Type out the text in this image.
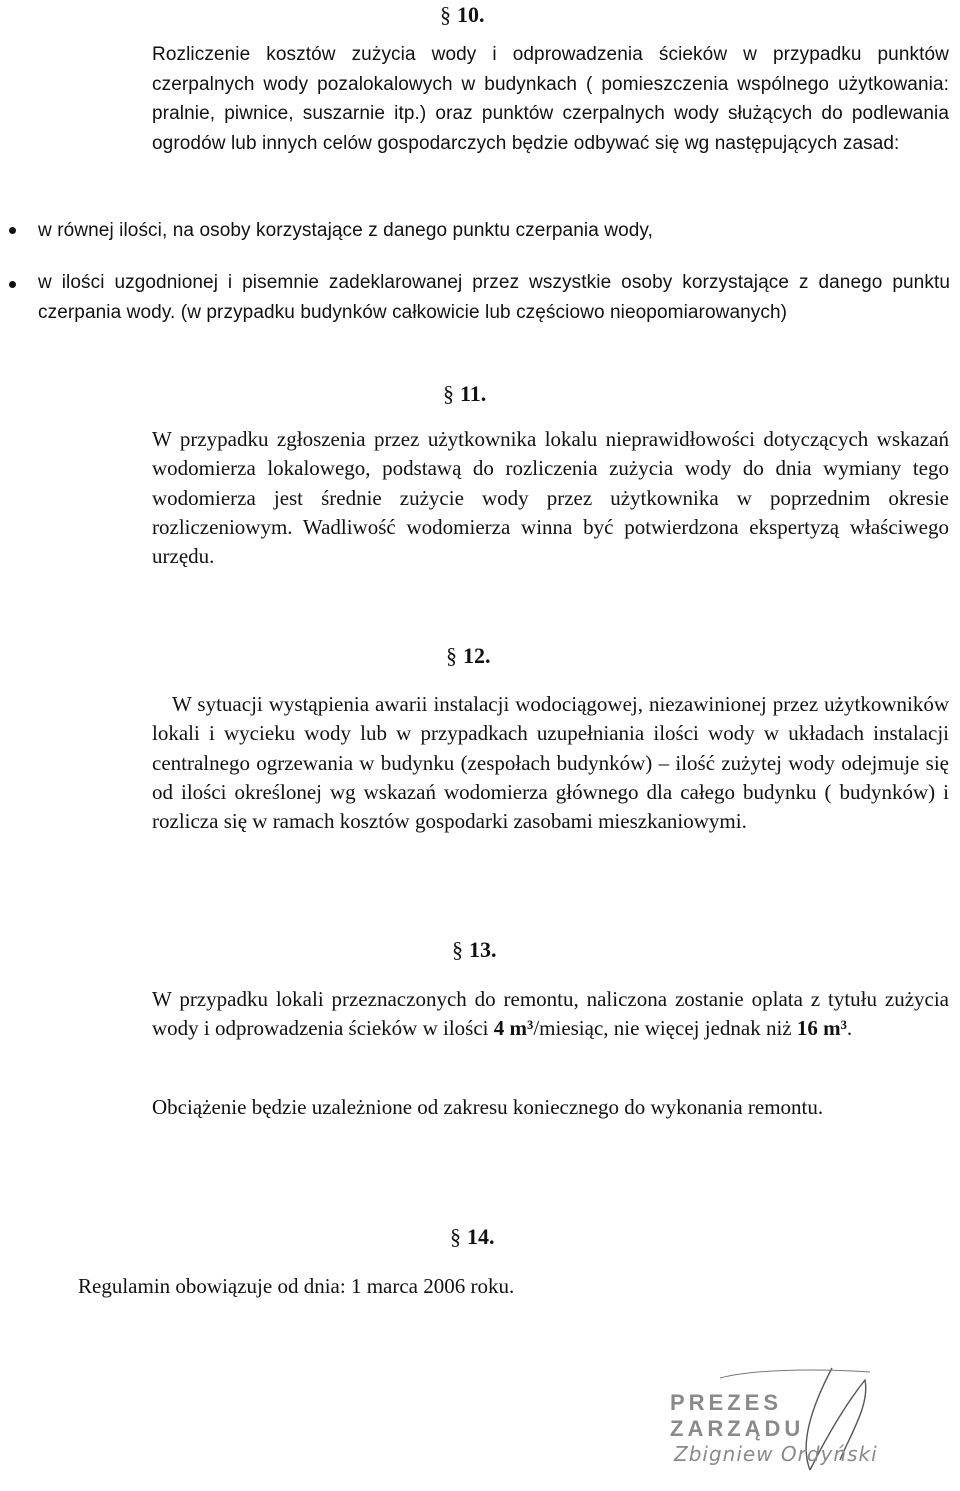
§ 10.

Rozliczenie kosztów zużycia wody i odprowadzenia ścieków w przypadku punktów czerpalnych wody pozalokalowych w budynkach ( pomieszczenia wspólnego użytkowania: pralnie, piwnice, suszarnie itp.) oraz punktów czerpalnych wody służących do podlewania ogrodów lub innych celów gospodarczych będzie odbywać się wg następujących zasad:

w równej ilości, na osoby korzystające z danego punktu czerpania wody,

w ilości uzgodnionej i pisemnie zadeklarowanej przez wszystkie osoby korzystające z danego punktu czerpania wody. (w przypadku budynków całkowicie lub częściowo nieopomiarowanych)

§ 11.

W przypadku zgłoszenia przez użytkownika lokalu nieprawidłowości dotyczących wskazań wodomierza lokalowego, podstawą do rozliczenia zużycia wody do dnia wymiany tego wodomierza jest średnie zużycie wody przez użytkownika w poprzednim okresie rozliczeniowym. Wadliwość wodomierza winna być potwierdzona ekspertyzą właściwego urzędu.

§ 12.

W sytuacji wystąpienia awarii instalacji wodociągowej, niezawinionej przez użytkowników lokali i wycieku wody lub w przypadkach uzupełniania ilości wody w układach instalacji centralnego ogrzewania w budynku (zespołach budynków) – ilość zużytej wody odejmuje się od ilości określonej wg wskazań wodomierza głównego dla całego budynku ( budynków) i rozlicza się w ramach kosztów gospodarki zasobami mieszkaniowymi.

§ 13.

W przypadku lokali przeznaczonych do remontu, naliczona zostanie oplata z tytułu zużycia wody i odprowadzenia ścieków w ilości 4 m³/miesiąc, nie więcej jednak niż 16 m³.

Obciążenie będzie uzależnione od zakresu koniecznego do wykonania remontu.

§ 14.

Regulamin obowiązuje od dnia: 1 marca 2006 roku.

PREZES ZARZĄDU
Zbigniew Ordyński
